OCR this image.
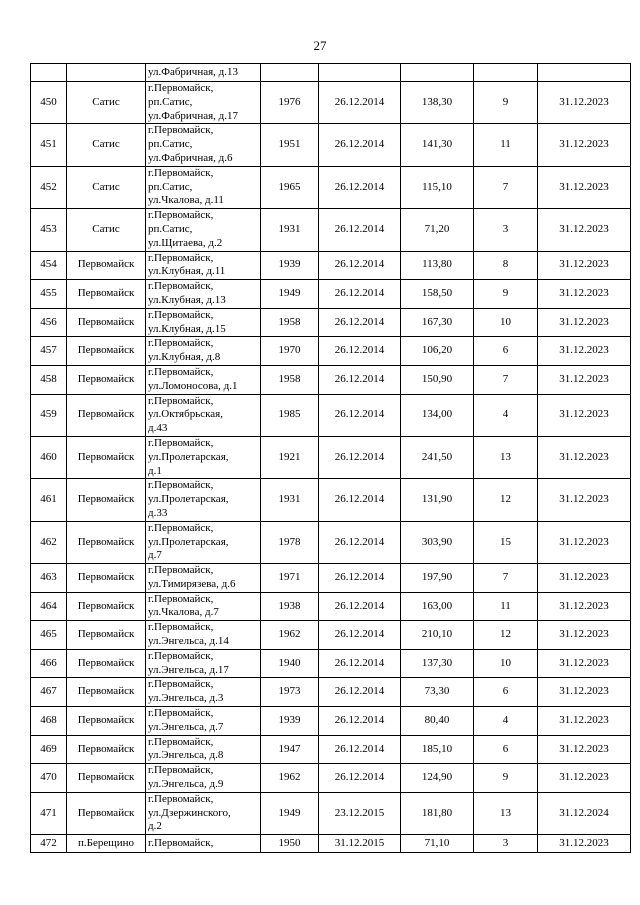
27

		ул.Фабричная, д.13					

450	Сатис	г.Первомайск,
рп.Сатис,
ул.Фабричная, д.17	1976	26.12.2014	138,30	9	31.12.2023
451	Сатис	г.Первомайск,
рп.Сатис,
ул.Фабричная, д.6	1951	26.12.2014	141,30	11	31.12.2023
452	Сатис	г.Первомайск,
рп.Сатис,
ул.Чкалова, д.11	1965	26.12.2014	115,10	7	31.12.2023
453	Сатис	г.Первомайск,
рп.Сатис,
ул.Щитаева, д.2	1931	26.12.2014	71,20	3	31.12.2023
454	Первомайск	г.Первомайск,
ул.Клубная, д.11	1939	26.12.2014	113,80	8	31.12.2023
455	Первомайск	г.Первомайск,
ул.Клубная, д.13	1949	26.12.2014	158,50	9	31.12.2023
456	Первомайск	г.Первомайск,
ул.Клубная, д.15	1958	26.12.2014	167,30	10	31.12.2023
457	Первомайск	г.Первомайск,
ул.Клубная, д.8	1970	26.12.2014	106,20	6	31.12.2023
458	Первомайск	г.Первомайск,
ул.Ломоносова, д.1	1958	26.12.2014	150,90	7	31.12.2023
459	Первомайск	г.Первомайск,
ул.Октябрьская,
д.43	1985	26.12.2014	134,00	4	31.12.2023
460	Первомайск	г.Первомайск,
ул.Пролетарская,
д.1	1921	26.12.2014	241,50	13	31.12.2023
461	Первомайск	г.Первомайск,
ул.Пролетарская,
д.33	1931	26.12.2014	131,90	12	31.12.2023
462	Первомайск	г.Первомайск,
ул.Пролетарская,
д.7	1978	26.12.2014	303,90	15	31.12.2023
463	Первомайск	г.Первомайск,
ул.Тимирязева, д.6	1971	26.12.2014	197,90	7	31.12.2023
464	Первомайск	г.Первомайск,
ул.Чкалова, д.7	1938	26.12.2014	163,00	11	31.12.2023
465	Первомайск	г.Первомайск,
ул.Энгельса, д.14	1962	26.12.2014	210,10	12	31.12.2023
466	Первомайск	г.Первомайск,
ул.Энгельса, д.17	1940	26.12.2014	137,30	10	31.12.2023
467	Первомайск	г.Первомайск,
ул.Энгельса, д.3	1973	26.12.2014	73,30	6	31.12.2023
468	Первомайск	г.Первомайск,
ул.Энгельса, д.7	1939	26.12.2014	80,40	4	31.12.2023
469	Первомайск	г.Первомайск,
ул.Энгельса, д.8	1947	26.12.2014	185,10	6	31.12.2023
470	Первомайск	г.Первомайск,
ул.Энгельса, д.9	1962	26.12.2014	124,90	9	31.12.2023
471	Первомайск	г.Первомайск,
ул.Дзержинского,
д.2	1949	23.12.2015	181,80	13	31.12.2024
472	п.Берещино	г.Первомайск,	1950	31.12.2015	71,10	3	31.12.2023
